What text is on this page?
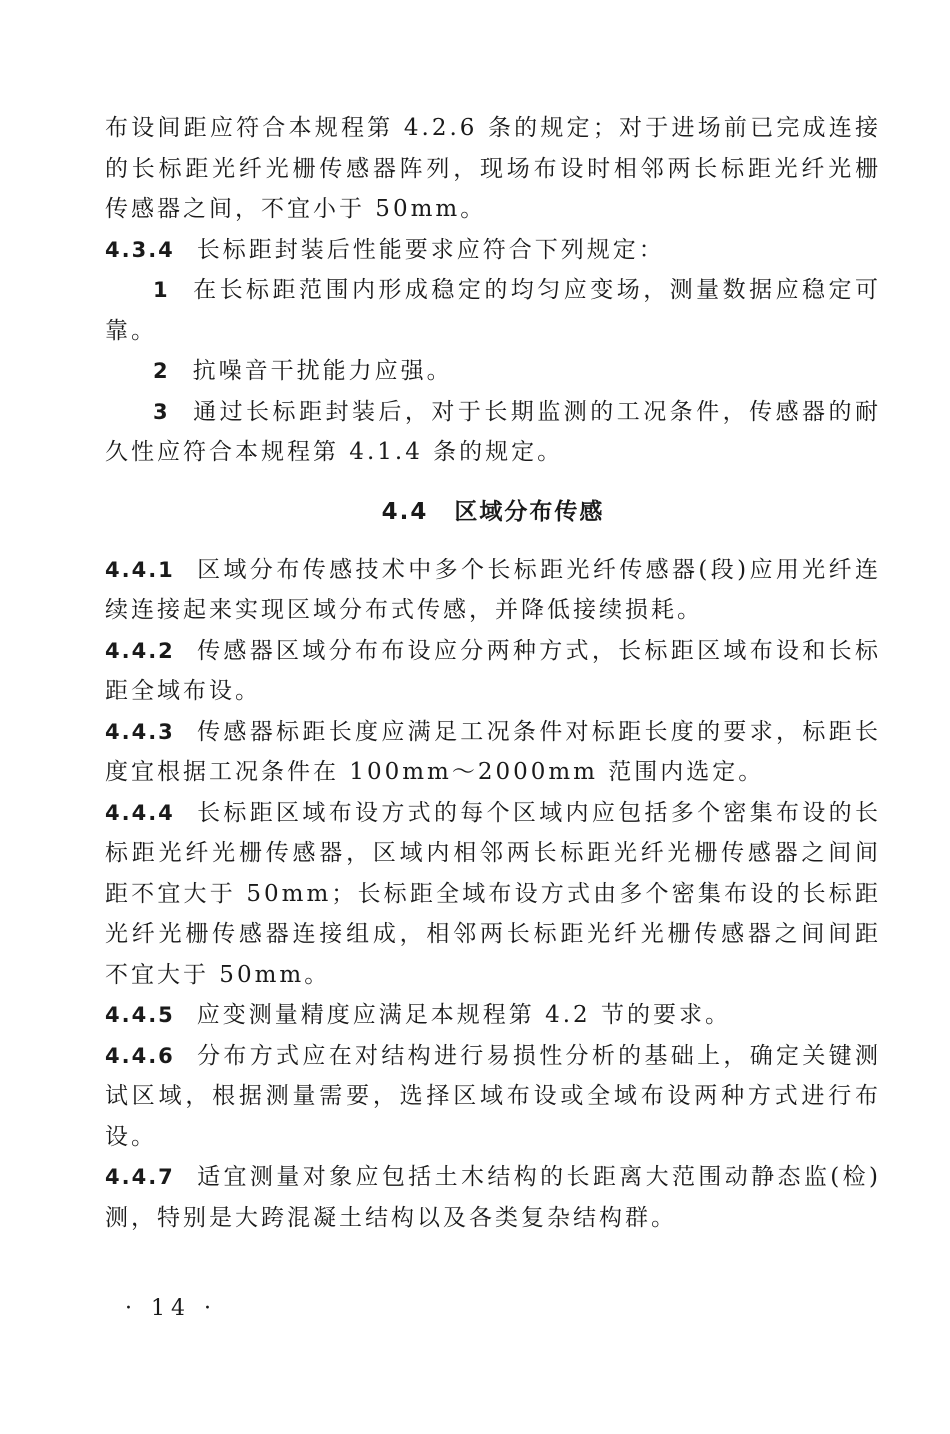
布设间距应符合本规程第 4.2.6 条的规定；对于进场前已完成连接的长标距光纤光栅传感器阵列，现场布设时相邻两长标距光纤光栅传感器之间，不宜小于 50mm。

4.3.4 长标距封装后性能要求应符合下列规定：

1 在长标距范围内形成稳定的均匀应变场，测量数据应稳定可靠。

2 抗噪音干扰能力应强。

3 通过长标距封装后，对于长期监测的工况条件，传感器的耐久性应符合本规程第 4.1.4 条的规定。

4.4 区域分布传感

4.4.1 区域分布传感技术中多个长标距光纤传感器(段)应用光纤连续连接起来实现区域分布式传感，并降低接续损耗。

4.4.2 传感器区域分布布设应分两种方式，长标距区域布设和长标距全域布设。

4.4.3 传感器标距长度应满足工况条件对标距长度的要求，标距长度宜根据工况条件在 100mm～2000mm 范围内选定。

4.4.4 长标距区域布设方式的每个区域内应包括多个密集布设的长标距光纤光栅传感器，区域内相邻两长标距光纤光栅传感器之间间距不宜大于 50mm；长标距全域布设方式由多个密集布设的长标距光纤光栅传感器连接组成，相邻两长标距光纤光栅传感器之间间距不宜大于 50mm。

4.4.5 应变测量精度应满足本规程第 4.2 节的要求。

4.4.6 分布方式应在对结构进行易损性分析的基础上，确定关键测试区域，根据测量需要，选择区域布设或全域布设两种方式进行布设。

4.4.7 适宜测量对象应包括土木结构的长距离大范围动静态监(检)测，特别是大跨混凝土结构以及各类复杂结构群。

· 14 ·
